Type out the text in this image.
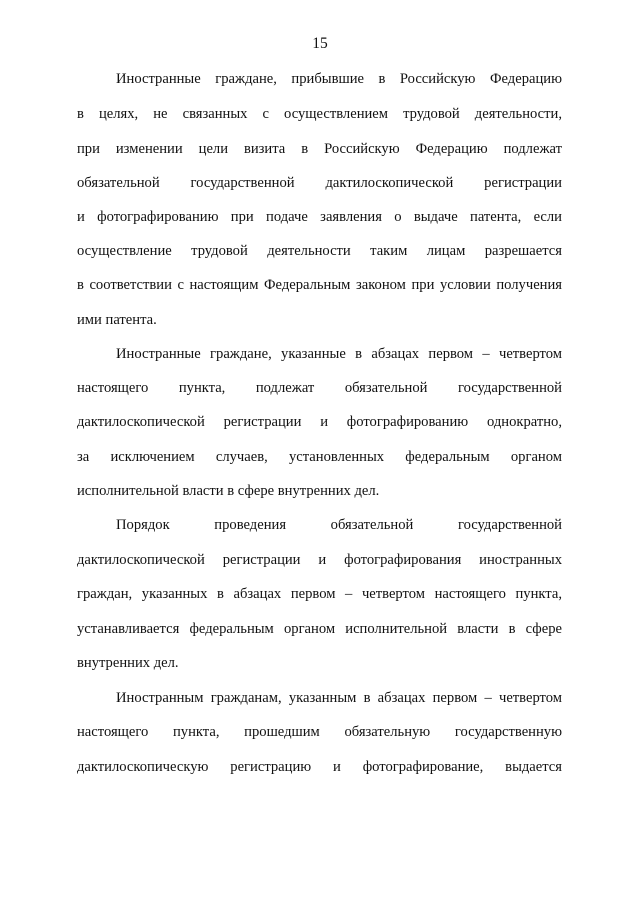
15
Иностранные граждане, прибывшие в Российскую Федерацию
в целях, не связанных с осуществлением трудовой деятельности,
при изменении цели визита в Российскую Федерацию подлежат
обязательной государственной дактилоскопической регистрации
и фотографированию при подаче заявления о выдаче патента, если
осуществление трудовой деятельности таким лицам разрешается
в соответствии с настоящим Федеральным законом при условии получения
ими патента.
Иностранные граждане, указанные в абзацах первом – четвертом
настоящего пункта, подлежат обязательной государственной
дактилоскопической регистрации и фотографированию однократно,
за исключением случаев, установленных федеральным органом
исполнительной власти в сфере внутренних дел.
Порядок проведения обязательной государственной
дактилоскопической регистрации и фотографирования иностранных
граждан, указанных в абзацах первом – четвертом настоящего пункта,
устанавливается федеральным органом исполнительной власти в сфере
внутренних дел.
Иностранным гражданам, указанным в абзацах первом – четвертом
настоящего пункта, прошедшим обязательную государственную
дактилоскопическую регистрацию и фотографирование, выдается
